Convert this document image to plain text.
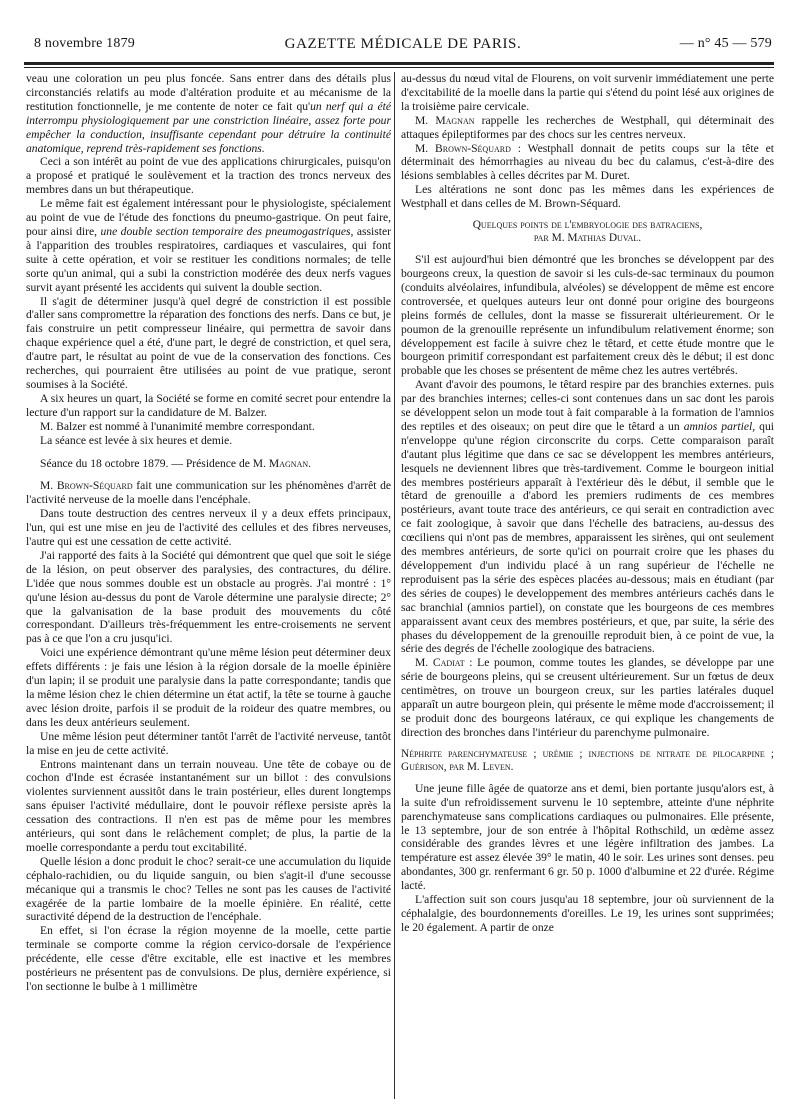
8 novembre 1879	GAZETTE MÉDICALE DE PARIS.	— n° 45 — 579

veau une coloration un peu plus foncée. Sans entrer dans des détails plus circonstanciés relatifs au mode d'altération produite et au mécanisme de la restitution fonctionnelle, je me contente de noter ce fait qu'un nerf qui a été interrompu physiologiquement par une constriction linéaire, assez forte pour empêcher la conduction, insuffisante cependant pour détruire la continuité anatomique, reprend très-rapidement ses fonctions.

Ceci a son intérêt au point de vue des applications chirurgicales, puisqu'on a proposé et pratiqué le soulèvement et la traction des troncs nerveux des membres dans un but thérapeutique.

Le même fait est également intéressant pour le physiologiste, spécialement au point de vue de l'étude des fonctions du pneumo-gastrique. On peut faire, pour ainsi dire, une double section temporaire des pneumogastriques, assister à l'apparition des troubles respiratoires, cardiaques et vasculaires, qui font suite à cette opération, et voir se restituer les conditions normales; de telle sorte qu'un animal, qui a subi la constriction modérée des deux nerfs vagues survit ayant présenté les accidents qui suivent la double section.

Il s'agit de déterminer jusqu'à quel degré de constriction il est possible d'aller sans compromettre la réparation des fonctions des nerfs. Dans ce but, je fais construire un petit compresseur linéaire, qui permettra de savoir dans chaque expérience quel a été, d'une part, le degré de constriction, et quel sera, d'autre part, le résultat au point de vue de la conservation des fonctions. Ces recherches, qui pourraient être utilisées au point de vue pratique, seront soumises à la Société.

A six heures un quart, la Société se forme en comité secret pour entendre la lecture d'un rapport sur la candidature de M. Balzer.

M. Balzer est nommé à l'unanimité membre correspondant.

La séance est levée à six heures et demie.

Séance du 18 octobre 1879. — Présidence de M. Magnan.

M. Brown-Séquard fait une communication sur les phénomènes d'arrêt de l'activité nerveuse de la moelle dans l'encéphale.

Dans toute destruction des centres nerveux il y a deux effets principaux, l'un, qui est une mise en jeu de l'activité des cellules et des fibres nerveuses, l'autre qui est une cessation de cette activité.

J'ai rapporté des faits à la Société qui démontrent que quel que soit le siége de la lésion, on peut observer des paralysies, des contractures, du délire. L'idée que nous sommes double est un obstacle au progrès. J'ai montré : 1° qu'une lésion au-dessus du pont de Varole détermine une paralysie directe; 2° que la galvanisation de la base produit des mouvements du côté correspondant. D'ailleurs très-fréquemment les entre-croisements ne servent pas à ce que l'on a cru jusqu'ici.

Voici une expérience démontrant qu'une même lésion peut déterminer deux effets différents : je fais une lésion à la région dorsale de la moelle épinière d'un lapin; il se produit une paralysie dans la patte correspondante; tandis que la même lésion chez le chien détermine un état actif, la tête se tourne à gauche avec lésion droite, parfois il se produit de la roideur des quatre membres, ou dans les deux antérieurs seulement.

Une même lésion peut déterminer tantôt l'arrêt de l'activité nerveuse, tantôt la mise en jeu de cette activité.

Entrons maintenant dans un terrain nouveau. Une tête de cobaye ou de cochon d'Inde est écrasée instantanément sur un billot : des convulsions violentes surviennent aussitôt dans le train postérieur, elles durent longtemps sans épuiser l'activité médullaire, dont le pouvoir réflexe persiste après la cessation des contractions. Il n'en est pas de même pour les membres antérieurs, qui sont dans le relâchement complet; de plus, la partie de la moelle correspondante a perdu tout excitabilité.

Quelle lésion a donc produit le choc? serait-ce une accumulation du liquide céphalo-rachidien, ou du liquide sanguin, ou bien s'agit-il d'une secousse mécanique qui a transmis le choc? Telles ne sont pas les causes de l'activité exagérée de la partie lombaire de la moelle épinière. En réalité, cette suractivité dépend de la destruction de l'encéphale.

En effet, si l'on écrase la région moyenne de la moelle, cette partie terminale se comporte comme la région cervico-dorsale de l'expérience précédente, elle cesse d'être excitable, elle est inactive et les membres postérieurs ne présentent pas de convulsions. De plus, dernière expérience, si l'on sectionne le bulbe à 1 millimètre

au-dessus du nœud vital de Flourens, on voit survenir immédiatement une perte d'excitabilité de la moelle dans la partie qui s'étend du point lésé aux origines de la troisième paire cervicale.

M. Magnan rappelle les recherches de Westphall, qui déterminait des attaques épileptiformes par des chocs sur les centres nerveux.

M. Brown-Séquard : Westphall donnait de petits coups sur la tête et déterminait des hémorrhagies au niveau du bec du calamus, c'est-à-dire des lésions semblables à celles décrites par M. Duret.

Les altérations ne sont donc pas les mêmes dans les expériences de Westphall et dans celles de M. Brown-Séquard.

Quelques points de l'embryologie des batraciens,
par M. Mathias Duval.

S'il est aujourd'hui bien démontré que les bronches se développent par des bourgeons creux, la question de savoir si les culs-de-sac terminaux du poumon (conduits alvéolaires, infundibula, alvéoles) se développent de même est encore controversée, et quelques auteurs leur ont donné pour origine des bourgeons pleins formés de cellules, dont la masse se fissurerait ultérieurement. Or le poumon de la grenouille représente un infundibulum relativement énorme; son développement est facile à suivre chez le têtard, et cette étude montre que le bourgeon primitif correspondant est parfaitement creux dès le début; il est donc probable que les choses se présentent de même chez les autres vertébrés.

Avant d'avoir des poumons, le têtard respire par des branchies externes. puis par des branchies internes; celles-ci sont contenues dans un sac dont les parois se développent selon un mode tout à fait comparable à la formation de l'amnios des reptiles et des oiseaux; on peut dire que le têtard a un amnios partiel, qui n'enveloppe qu'une région circonscrite du corps. Cette comparaison paraît d'autant plus légitime que dans ce sac se développent les membres antérieurs, lesquels ne deviennent libres que très-tardivement. Comme le bourgeon initial des membres postérieurs apparaît à l'extérieur dès le début, il semble que le têtard de grenouille a d'abord les premiers rudiments de ces membres postérieurs, avant toute trace des antérieurs, ce qui serait en contradiction avec ce fait zoologique, à savoir que dans l'échelle des batraciens, au-dessus des cœciliens qui n'ont pas de membres, apparaissent les sirènes, qui ont seulement des membres antérieurs, de sorte qu'ici on pourrait croire que les phases du développement d'un individu placé à un rang supérieur de l'échelle ne reproduisent pas la série des espèces placées au-dessous; mais en étudiant (par des séries de coupes) le developpement des membres antérieurs cachés dans le sac branchial (amnios partiel), on constate que les bourgeons de ces membres apparaissent avant ceux des membres postérieurs, et que, par suite, la série des phases du développement de la grenouille reproduit bien, à ce point de vue, la série des degrés de l'échelle zoologique des batraciens.

M. Cadiat : Le poumon, comme toutes les glandes, se développe par une série de bourgeons pleins, qui se creusent ultérieurement. Sur un fœtus de deux centimètres, on trouve un bourgeon creux, sur les parties latérales duquel apparaît un autre bourgeon plein, qui présente le même mode d'accroissement; il se produit donc des bourgeons latéraux, ce qui explique les changements de direction des bronches dans l'intérieur du parenchyme pulmonaire.

Néphrite parenchymateuse ; urémie ; injections de nitrate de pilocarpine ; Guérison, par M. Leven.

Une jeune fille âgée de quatorze ans et demi, bien portante jusqu'alors est, à la suite d'un refroidissement survenu le 10 septembre, atteinte d'une néphrite parenchymateuse sans complications cardiaques ou pulmonaires. Elle présente, le 13 septembre, jour de son entrée à l'hôpital Rothschild, un œdème assez considérable des grandes lèvres et une légère infiltration des jambes. La température est assez élevée 39° le matin, 40 le soir. Les urines sont denses. peu abondantes, 300 gr. renfermant 6 gr. 50 p. 1000 d'albumine et 22 d'urée. Régime lacté.

L'affection suit son cours jusqu'au 18 septembre, jour où surviennent de la céphalalgie, des bourdonnements d'oreilles. Le 19, les urines sont supprimées; le 20 également. A partir de onze
